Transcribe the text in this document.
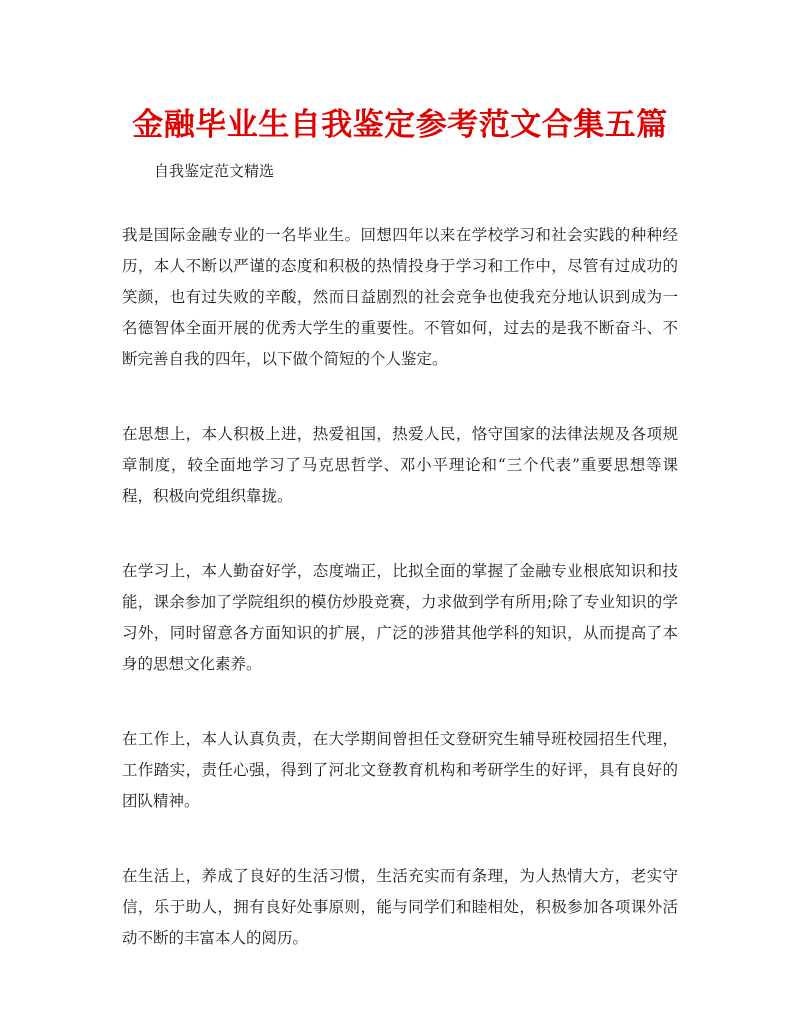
金融毕业生自我鉴定参考范文合集五篇

自我鉴定范文精选

我是国际金融专业的一名毕业生。回想四年以来在学校学习和社会实践的种种经历，本人不断以严谨的态度和积极的热情投身于学习和工作中，尽管有过成功的笑颜，也有过失败的辛酸，然而日益剧烈的社会竞争也使我充分地认识到成为一名德智体全面开展的优秀大学生的重要性。不管如何，过去的是我不断奋斗、不断完善自我的四年，以下做个简短的个人鉴定。

在思想上，本人积极上进，热爱祖国，热爱人民，恪守国家的法律法规及各项规章制度，较全面地学习了马克思哲学、邓小平理论和“三个代表”重要思想等课程，积极向党组织靠拢。

在学习上，本人勤奋好学，态度端正，比拟全面的掌握了金融专业根底知识和技能，课余参加了学院组织的模仿炒股竞赛，力求做到学有所用;除了专业知识的学习外，同时留意各方面知识的扩展，广泛的涉猎其他学科的知识，从而提高了本身的思想文化素养。

在工作上，本人认真负责，在大学期间曾担任文登研究生辅导班校园招生代理，工作踏实，责任心强，得到了河北文登教育机构和考研学生的好评，具有良好的团队精神。

在生活上，养成了良好的生活习惯，生活充实而有条理，为人热情大方，老实守信，乐于助人，拥有良好处事原则，能与同学们和睦相处，积极参加各项课外活动不断的丰富本人的阅历。
